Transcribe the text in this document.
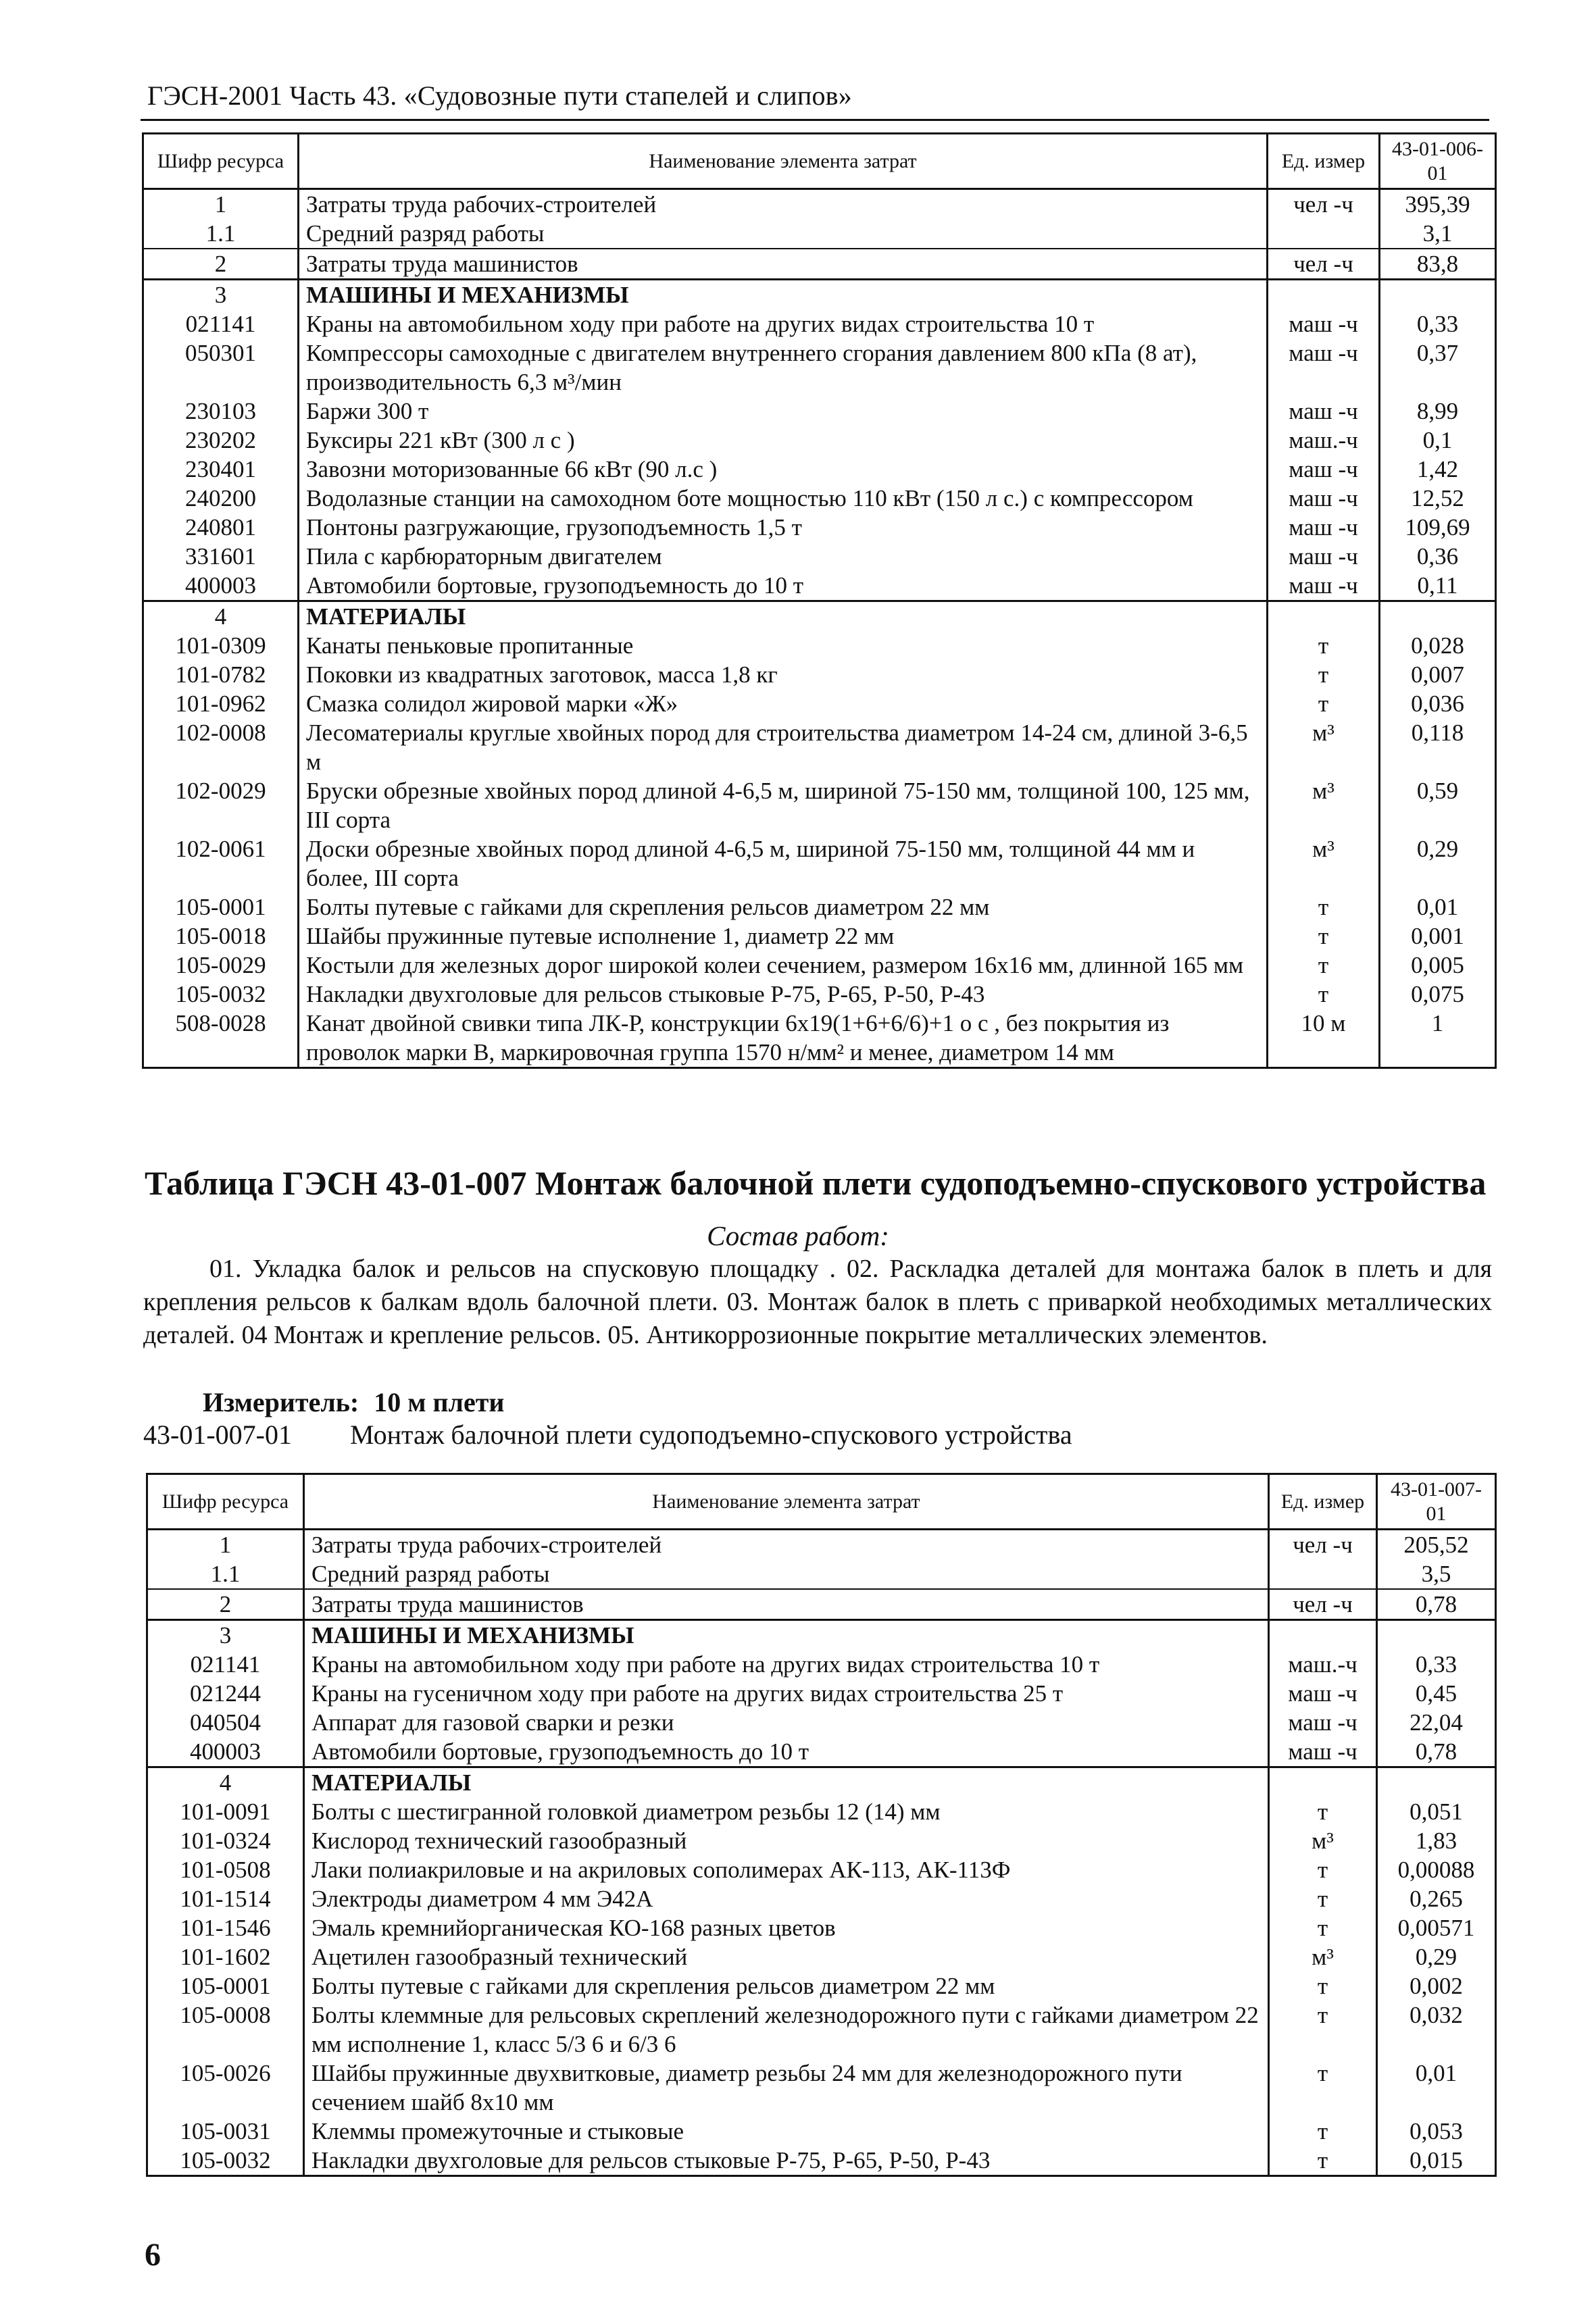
ГЭСН-2001 Часть 43. «Судовозные пути стапелей и слипов»
Шифр ресурса	Наименование элемента затрат	Ед. измер	43-01-006-01
1	Затраты труда рабочих-строителей	чел -ч	395,39
1.1	Средний разряд работы		3,1
2	Затраты труда машинистов	чел -ч	83,8
3	МАШИНЫ И МЕХАНИЗМЫ		
021141	Краны на автомобильном ходу при работе на других видах строительства 10 т	маш -ч	0,33
050301	Компрессоры самоходные с двигателем внутреннего сгорания давлением 800 кПа (8 ат), производительность 6,3 м³/мин	маш -ч	0,37
230103	Баржи 300 т	маш -ч	8,99
230202	Буксиры 221 кВт (300 л с )	маш.-ч	0,1
230401	Завозни моторизованные 66 кВт (90 л.с )	маш -ч	1,42
240200	Водолазные станции на самоходном боте мощностью 110 кВт (150 л с.) с компрессором	маш -ч	12,52
240801	Понтоны разгружающие, грузоподъемность 1,5 т	маш -ч	109,69
331601	Пила с карбюраторным двигателем	маш -ч	0,36
400003	Автомобили бортовые, грузоподъемность до 10 т	маш -ч	0,11
4	МАТЕРИАЛЫ		
101-0309	Канаты пеньковые пропитанные	т	0,028
101-0782	Поковки из квадратных заготовок, масса 1,8 кг	т	0,007
101-0962	Смазка солидол жировой марки «Ж»	т	0,036
102-0008	Лесоматериалы круглые хвойных пород для строительства диаметром 14-24 см, длиной 3-6,5 м	м³	0,118
102-0029	Бруски обрезные хвойных пород длиной 4-6,5 м, шириной 75-150 мм, толщиной 100, 125 мм, III сорта	м³	0,59
102-0061	Доски обрезные хвойных пород длиной 4-6,5 м, шириной 75-150 мм, толщиной 44 мм и более, III сорта	м³	0,29
105-0001	Болты путевые с гайками для скрепления рельсов диаметром 22 мм	т	0,01
105-0018	Шайбы пружинные путевые исполнение 1, диаметр 22 мм	т	0,001
105-0029	Костыли для железных дорог широкой колеи сечением, размером 16х16 мм, длинной 165 мм	т	0,005
105-0032	Накладки двухголовые для рельсов стыковые Р-75, Р-65, Р-50, Р-43	т	0,075
508-0028	Канат двойной свивки типа ЛК-Р, конструкции 6х19(1+6+6/6)+1 о с , без покрытия из проволок марки В, маркировочная группа 1570 н/мм² и менее, диаметром 14 мм	10 м	1
Таблица ГЭСН 43-01-007 Монтаж балочной плети судоподъемно-спускового устройства
Состав работ:
01. Укладка балок и рельсов на спусковую площадку . 02. Раскладка деталей для монтажа балок в плеть и для крепления рельсов к балкам вдоль балочной плети. 03. Монтаж балок в плеть с приваркой необходимых металлических деталей. 04 Монтаж и крепление рельсов. 05. Антикоррозионные покрытие металлических элементов.
Измеритель: 10 м плети
43-01-007-01 Монтаж балочной плети судоподъемно-спускового устройства
Шифр ресурса	Наименование элемента затрат	Ед. измер	43-01-007-01
1	Затраты труда рабочих-строителей	чел -ч	205,52
1.1	Средний разряд работы		3,5
2	Затраты труда машинистов	чел -ч	0,78
3	МАШИНЫ И МЕХАНИЗМЫ		
021141	Краны на автомобильном ходу при работе на других видах строительства 10 т	маш.-ч	0,33
021244	Краны на гусеничном ходу при работе на других видах строительства 25 т	маш -ч	0,45
040504	Аппарат для газовой сварки и резки	маш -ч	22,04
400003	Автомобили бортовые, грузоподъемность до 10 т	маш -ч	0,78
4	МАТЕРИАЛЫ		
101-0091	Болты с шестигранной головкой диаметром резьбы 12 (14) мм	т	0,051
101-0324	Кислород технический газообразный	м³	1,83
101-0508	Лаки полиакриловые и на акриловых сополимерах АК-113, АК-113Ф	т	0,00088
101-1514	Электроды диаметром 4 мм Э42А	т	0,265
101-1546	Эмаль кремнийорганическая КО-168 разных цветов	т	0,00571
101-1602	Ацетилен газообразный технический	м³	0,29
105-0001	Болты путевые с гайками для скрепления рельсов диаметром 22 мм	т	0,002
105-0008	Болты клеммные для рельсовых скреплений железнодорожного пути с гайками диаметром 22 мм исполнение 1, класс 5/3 6 и 6/3 6	т	0,032
105-0026	Шайбы пружинные двухвитковые, диаметр резьбы 24 мм для железнодорожного пути сечением шайб 8х10 мм	т	0,01
105-0031	Клеммы промежуточные и стыковые	т	0,053
105-0032	Накладки двухголовые для рельсов стыковые Р-75, Р-65, Р-50, Р-43	т	0,015
6
